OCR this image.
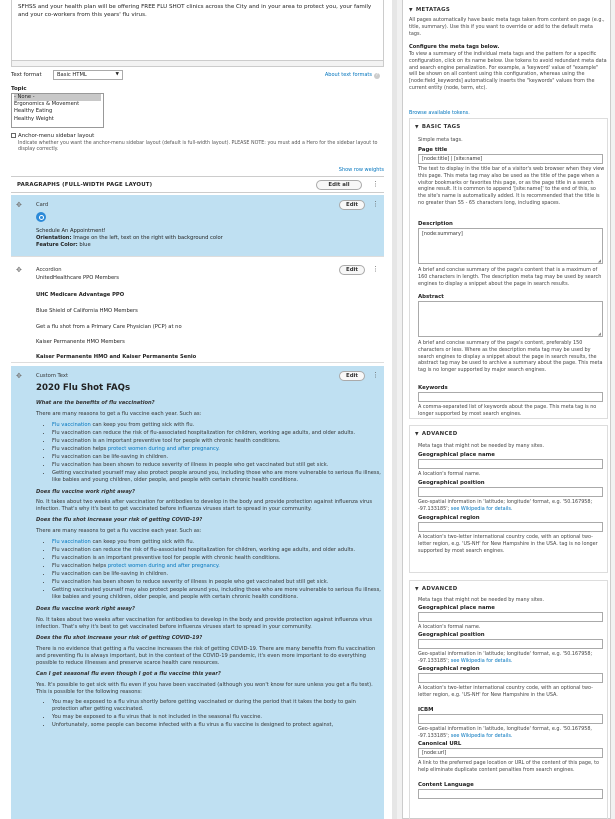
SFHSS and your health plan will be offering FREE FLU SHOT clinics across the City and in your area to protect you, your family and your co-workers from this years' flu virus.
Text format	Basic HTML	▼	About text formats ?
Topic
- None -
Ergonomics & Movement
Healthy Eating
Healthy Weight
Anchor-menu sidebar layout
Indicate whether you want the anchor-menu sidebar layout (default is full-width layout). PLEASE NOTE: you must add a Hero for the sidebar layout to display correctly.
Show row weights
PARAGRAPHS (FULL-WIDTH PAGE LAYOUT)	Edit all	⋮
✥	Card	Edit	⋮
Schedule An Appointment!
Orientation: Image on the left, text on the right with background color
Feature Color: blue
✥	Accordion	Edit	⋮
UnitedHealthcare PPO Members
UHC Medicare Advantage PPO
Blue Shield of California HMO Members
Get a flu shot from a Primary Care Physician (PCP) at no
Kaiser Permanente HMO Members
Kaiser Permanente HMO and Kaiser Permanente Senio
✥	Custom Text	Edit	⋮
2020 Flu Shot FAQs
What are the benefits of flu vaccination?
There are many reasons to get a flu vaccine each year. Such as:
• Flu vaccination can keep you from getting sick with flu.
• Flu vaccination can reduce the risk of flu-associated hospitalization for children, working age adults, and older adults.
• Flu vaccination is an important preventive tool for people with chronic health conditions.
• Flu vaccination helps protect women during and after pregnancy.
• Flu vaccination can be life-saving in children.
• Flu vaccination has been shown to reduce severity of illness in people who get vaccinated but still get sick.
• Getting vaccinated yourself may also protect people around you, including those who are more vulnerable to serious flu illness, like babies and young children, older people, and people with certain chronic health conditions.
Does flu vaccine work right away?
No. It takes about two weeks after vaccination for antibodies to develop in the body and provide protection against influenza virus infection. That's why it's best to get vaccinated before influenza viruses start to spread in your community.
Does the flu shot increase your risk of getting COVID-19?
There are many reasons to get a flu vaccine each year. Such as:
• Flu vaccination can keep you from getting sick with flu.
• Flu vaccination can reduce the risk of flu-associated hospitalization for children, working age adults, and older adults.
• Flu vaccination is an important preventive tool for people with chronic health conditions.
• Flu vaccination helps protect women during and after pregnancy.
• Flu vaccination can be life-saving in children.
• Flu vaccination has been shown to reduce severity of illness in people who get vaccinated but still get sick.
• Getting vaccinated yourself may also protect people around you, including those who are more vulnerable to serious flu illness, like babies and young children, older people, and people with certain chronic health conditions.
Does flu vaccine work right away?
No. It takes about two weeks after vaccination for antibodies to develop in the body and provide protection against influenza virus infection. That's why it's best to get vaccinated before influenza viruses start to spread in your community.
Does the flu shot increase your risk of getting COVID-19?
There is no evidence that getting a flu vaccine increases the risk of getting COVID-19. There are many benefits from flu vaccination and preventing flu is always important, but in the context of the COVID-19 pandemic, it's even more important to do everything possible to reduce illnesses and preserve scarce health care resources.
Can I get seasonal flu even though I got a flu vaccine this year?
Yes. It's possible to get sick with flu even if you have been vaccinated (although you won't know for sure unless you get a flu test). This is possible for the following reasons:
• You may be exposed to a flu virus shortly before getting vaccinated or during the period that it takes the body to gain protection after getting vaccinated.
• You may be exposed to a flu virus that is not included in the seasonal flu vaccine.
• Unfortunately, some people can become infected with a flu virus a flu vaccine is designed to protect against,
▼ METATAGS
All pages automatically have basic meta tags taken from content on page (e.g., title, summary). Use this if you want to override or add to the default meta tags.
Configure the meta tags below.
To view a summary of the individual meta tags and the pattern for a specific configuration, click on its name below. Use tokens to avoid redundant meta data and search engine penalization. For example, a 'keyword' value of "example" will be shown on all content using this configuration, whereas using the [node:field_keywords] automatically inserts the "keywords" values from the current entity (node, term, etc).
Browse available tokens.
▼ BASIC TAGS
Simple meta tags.
Page title
[node:title] | [site:name]
The text to display in the title bar of a visitor's web browser when they view this page. This meta tag may also be used as the title of the page when a visitor bookmarks or favorites this page, or as the page title in a search engine result. It is common to append '[site:name]' to the end of this, so the site's name is automatically added. It is recommended that the title is no greater than 55 - 65 characters long, including spaces.
Description
[node:summary] ◢
A brief and concise summary of the page's content that is a maximum of 160 characters in length. The description meta tag may be used by search engines to display a snippet about the page in search results.
Abstract
◢
A brief and concise summary of the page's content, preferably 150 characters or less. Where as the description meta tag may be used by search engines to display a snippet about the page in search results, the abstract tag may be used to archive a summary about the page. This meta tag is no longer supported by major search engines.
Keywords
A comma-separated list of keywords about the page. This meta tag is no longer supported by most search engines.
▼ ADVANCED
Meta tags that might not be needed by many sites.
Geographical place name
A location's formal name.
Geographical position
Geo-spatial information in 'latitude; longitude' format, e.g. '50.167958; -97.133185'; see Wikipedia for details.
Geographical region
A location's two-letter international country code, with an optional two-letter region, e.g. 'US-NH' for New Hampshire in the USA. tag is no longer supported by most search engines.
▼ ADVANCED
Meta tags that might not be needed by many sites.
Geographical place name
A location's formal name.
Geographical position
Geo-spatial information in 'latitude; longitude' format, e.g. '50.167958; -97.133185'; see Wikipedia for details.
Geographical region
A location's two-letter international country code, with an optional two-letter region, e.g. 'US-NH' for New Hampshire in the USA.
ICBM
Geo-spatial information in 'latitude, longitude' format, e.g. '50.167958, -97.133185'; see Wikipedia for details.
Canonical URL
[node:url]
A link to the preferred page location or URL of the content of this page, to help eliminate duplicate content penalties from search engines.
Content Language
